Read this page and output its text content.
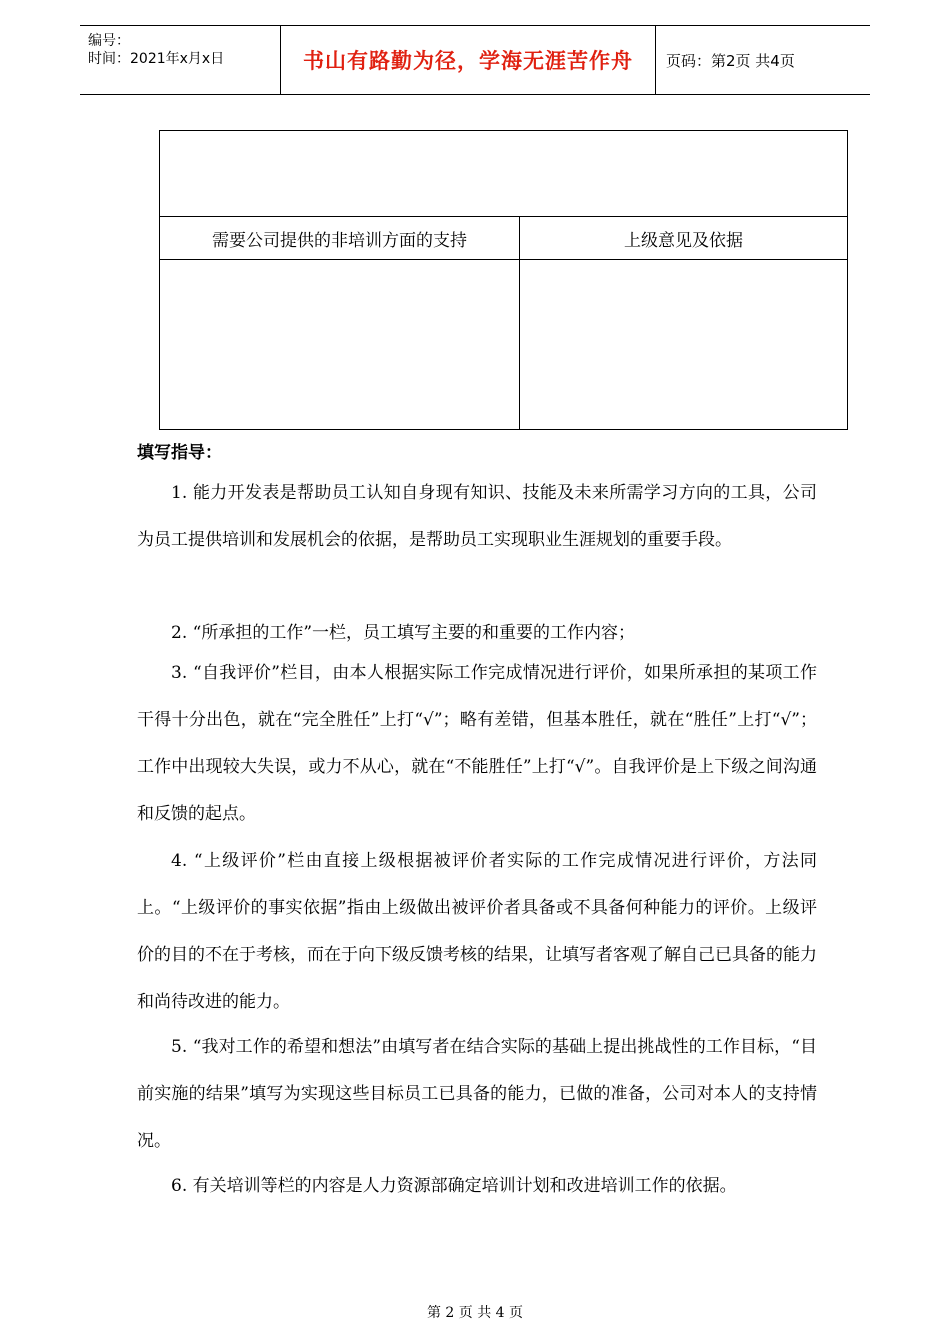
编号：
时间：2021年x月x日	书山有路勤为径，学海无涯苦作舟	页码：第2页 共4页
需要公司提供的非培训方面的支持	上级意见及依据
填写指导：
1. 能力开发表是帮助员工认知自身现有知识、技能及未来所需学习方向的工具，公司为员工提供培训和发展机会的依据，是帮助员工实现职业生涯规划的重要手段。
2. “所承担的工作”一栏，员工填写主要的和重要的工作内容；
3. “自我评价”栏目，由本人根据实际工作完成情况进行评价，如果所承担的某项工作干得十分出色，就在“完全胜任”上打“√”；略有差错，但基本胜任，就在“胜任”上打“√”；工作中出现较大失误，或力不从心，就在“不能胜任”上打“√”。自我评价是上下级之间沟通和反馈的起点。
4. “上级评价”栏由直接上级根据被评价者实际的工作完成情况进行评价，方法同上。“上级评价的事实依据”指由上级做出被评价者具备或不具备何种能力的评价。上级评价的目的不在于考核，而在于向下级反馈考核的结果，让填写者客观了解自己已具备的能力和尚待改进的能力。
5. “我对工作的希望和想法”由填写者在结合实际的基础上提出挑战性的工作目标，“目前实施的结果”填写为实现这些目标员工已具备的能力，已做的准备，公司对本人的支持情况。
6. 有关培训等栏的内容是人力资源部确定培训计划和改进培训工作的依据。
第 2 页 共 4 页
